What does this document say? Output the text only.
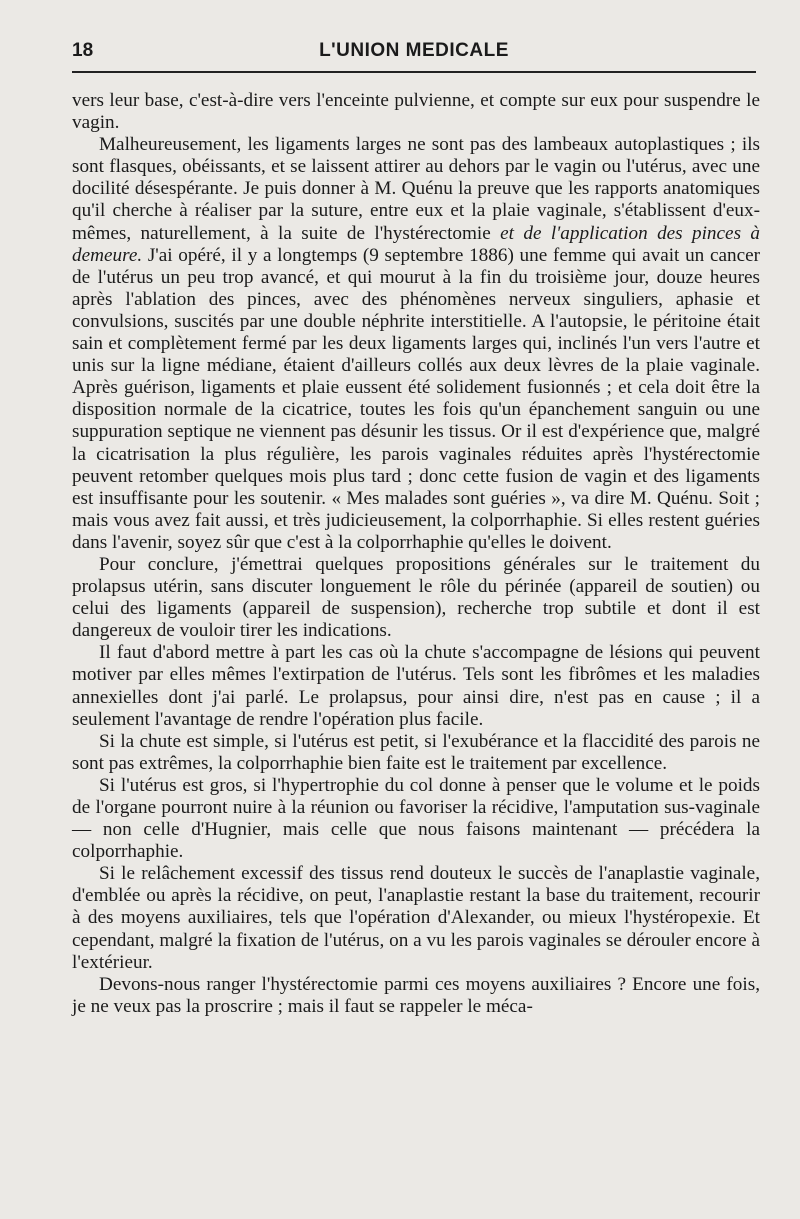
18	L'UNION MEDICALE

vers leur base, c'est-à-dire vers l'enceinte pulvienne, et compte sur eux pour suspendre le vagin.

Malheureusement, les ligaments larges ne sont pas des lambeaux autoplastiques ; ils sont flasques, obéissants, et se laissent attirer au dehors par le vagin ou l'utérus, avec une docilité désespérante. Je puis donner à M. Quénu la preuve que les rapports anatomiques qu'il cherche à réaliser par la suture, entre eux et la plaie vaginale, s'établissent d'eux-mêmes, naturellement, à la suite de l'hystérectomie et de l'application des pinces à demeure. J'ai opéré, il y a longtemps (9 septembre 1886) une femme qui avait un cancer de l'utérus un peu trop avancé, et qui mourut à la fin du troisième jour, douze heures après l'ablation des pinces, avec des phénomènes nerveux singuliers, aphasie et convulsions, suscités par une double néphrite interstitielle. A l'autopsie, le péritoine était sain et complètement fermé par les deux ligaments larges qui, inclinés l'un vers l'autre et unis sur la ligne médiane, étaient d'ailleurs collés aux deux lèvres de la plaie vaginale. Après guérison, ligaments et plaie eussent été solidement fusionnés ; et cela doit être la disposition normale de la cicatrice, toutes les fois qu'un épanchement sanguin ou une suppuration septique ne viennent pas désunir les tissus. Or il est d'expérience que, malgré la cicatrisation la plus régulière, les parois vaginales réduites après l'hystérectomie peuvent retomber quelques mois plus tard ; donc cette fusion de vagin et des ligaments est insuffisante pour les soutenir. « Mes malades sont guéries », va dire M. Quénu. Soit ; mais vous avez fait aussi, et très judicieusement, la colporrhaphie. Si elles restent guéries dans l'avenir, soyez sûr que c'est à la colporrhaphie qu'elles le doivent.

Pour conclure, j'émettrai quelques propositions générales sur le traitement du prolapsus utérin, sans discuter longuement le rôle du périnée (appareil de soutien) ou celui des ligaments (appareil de suspension), recherche trop subtile et dont il est dangereux de vouloir tirer les indications.

Il faut d'abord mettre à part les cas où la chute s'accompagne de lésions qui peuvent motiver par elles mêmes l'extirpation de l'utérus. Tels sont les fibrômes et les maladies annexielles dont j'ai parlé. Le prolapsus, pour ainsi dire, n'est pas en cause ; il a seulement l'avantage de rendre l'opération plus facile.

Si la chute est simple, si l'utérus est petit, si l'exubérance et la flaccidité des parois ne sont pas extrêmes, la colporrhaphie bien faite est le traitement par excellence.

Si l'utérus est gros, si l'hypertrophie du col donne à penser que le volume et le poids de l'organe pourront nuire à la réunion ou favoriser la récidive, l'amputation sus-vaginale — non celle d'Hugnier, mais celle que nous faisons maintenant — précédera la colporrhaphie.

Si le relâchement excessif des tissus rend douteux le succès de l'anaplastie vaginale, d'emblée ou après la récidive, on peut, l'anaplastie restant la base du traitement, recourir à des moyens auxiliaires, tels que l'opération d'Alexander, ou mieux l'hystéropexie. Et cependant, malgré la fixation de l'utérus, on a vu les parois vaginales se dérouler encore à l'extérieur.

Devons-nous ranger l'hystérectomie parmi ces moyens auxiliaires ? Encore une fois, je ne veux pas la proscrire ; mais il faut se rappeler le méca-
